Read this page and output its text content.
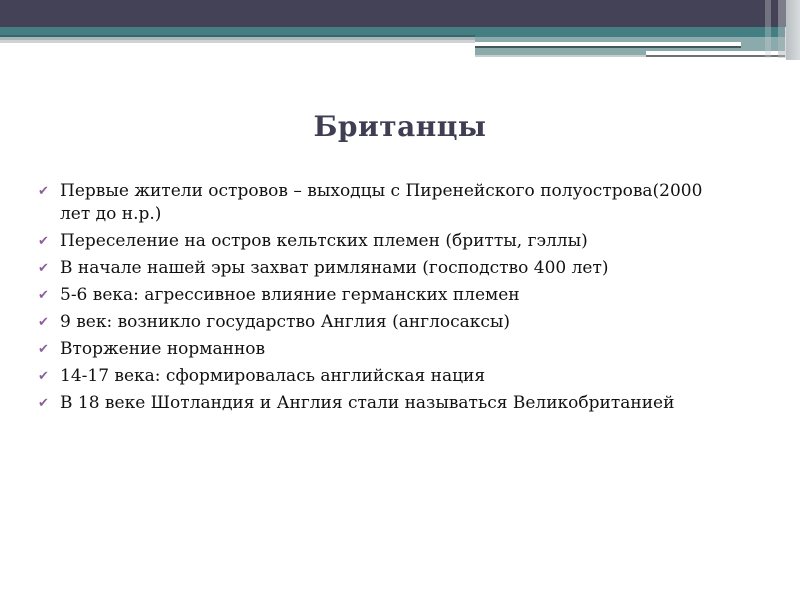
Британцы
✔ Первые жители островов – выходцы с Пиренейского полуострова(2000 лет до н.р.)
✔ Переселение на остров кельтских племен (бритты, гэллы)
✔ В начале нашей эры захват римлянами (господство 400 лет)
✔ 5-6 века: агрессивное влияние германских племен
✔ 9 век: возникло государство Англия (англосаксы)
✔ Вторжение норманнов
✔ 14-17 века: сформировалась английская нация
✔ В 18 веке Шотландия и Англия стали называться Великобританией
